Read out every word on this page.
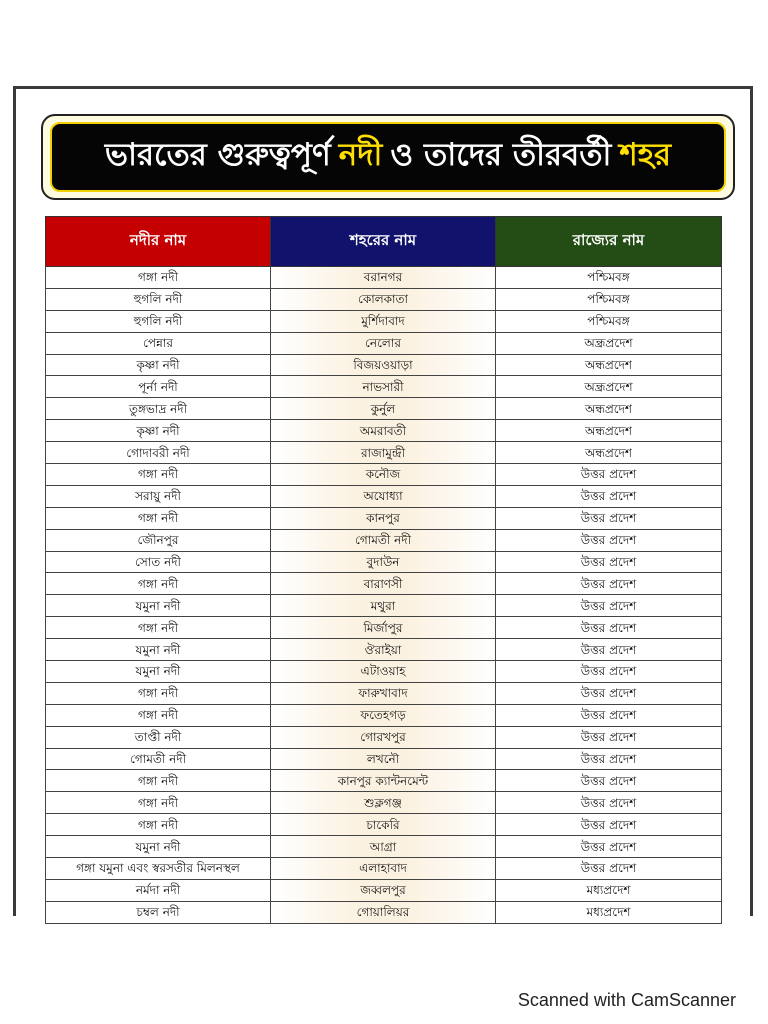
ভারতের গুরুত্বপূর্ণ নদী ও তাদের তীরবর্তী শহর
নদীর নাম	শহরের নাম	রাজ্যের নাম
গঙ্গা নদী	বরানগর	পশ্চিমবঙ্গ
হুগলি নদী	কোলকাতা	পশ্চিমবঙ্গ
হুগলি নদী	মুর্শিদাবাদ	পশ্চিমবঙ্গ
পেন্নার	নেলোর	অন্ধ্রপ্রদেশ
কৃষ্ণা নদী	বিজয়ওয়াড়া	অন্ধপ্রদেশ
পূর্না নদী	নাভসারী	অন্ধ্রপ্রদেশ
তুঙ্গভাদ্র নদী	কুর্নুল	অন্ধপ্রদেশ
কৃষ্ণা নদী	অমরাবতী	অন্ধপ্রদেশ
গোদাবরী নদী	রাজামুন্দ্রী	অন্ধপ্রদেশ
গঙ্গা নদী	কনৌজ	উত্তর প্রদেশ
সরায়ু নদী	অযোধ্যা	উত্তর প্রদেশ
গঙ্গা নদী	কানপুর	উত্তর প্রদেশ
জৌনপুর	গোমতী নদী	উত্তর প্রদেশ
সোত নদী	বুদাউন	উত্তর প্রদেশ
গঙ্গা নদী	বারাণসী	উত্তর প্রদেশ
যমুনা নদী	মথুরা	উত্তর প্রদেশ
গঙ্গা নদী	মির্জাপুর	উত্তর প্রদেশ
যমুনা নদী	ঔরাইয়া	উত্তর প্রদেশ
যমুনা নদী	এটাওয়াহ	উত্তর প্রদেশ
গঙ্গা নদী	ফারুখাবাদ	উত্তর প্রদেশ
গঙ্গা নদী	ফতেহগড়	উত্তর প্রদেশ
তাপ্তী নদী	গোরখপুর	উত্তর প্রদেশ
গোমতী নদী	লখনৌ	উত্তর প্রদেশ
গঙ্গা নদী	কানপুর ক্যান্টনমেন্ট	উত্তর প্রদেশ
গঙ্গা নদী	শুক্লগঞ্জ	উত্তর প্রদেশ
গঙ্গা নদী	চাকেরি	উত্তর প্রদেশ
যমুনা নদী	আগ্রা	উত্তর প্রদেশ
গঙ্গা যমুনা এবং স্বরসতীর মিলনস্থল	এলাহাবাদ	উত্তর প্রদেশ
নর্মদা নদী	জব্বলপুর	মধ্যপ্রদেশ
চম্বল নদী	গোয়ালিয়র	মধ্যপ্রদেশ
Scanned with CamScanner
